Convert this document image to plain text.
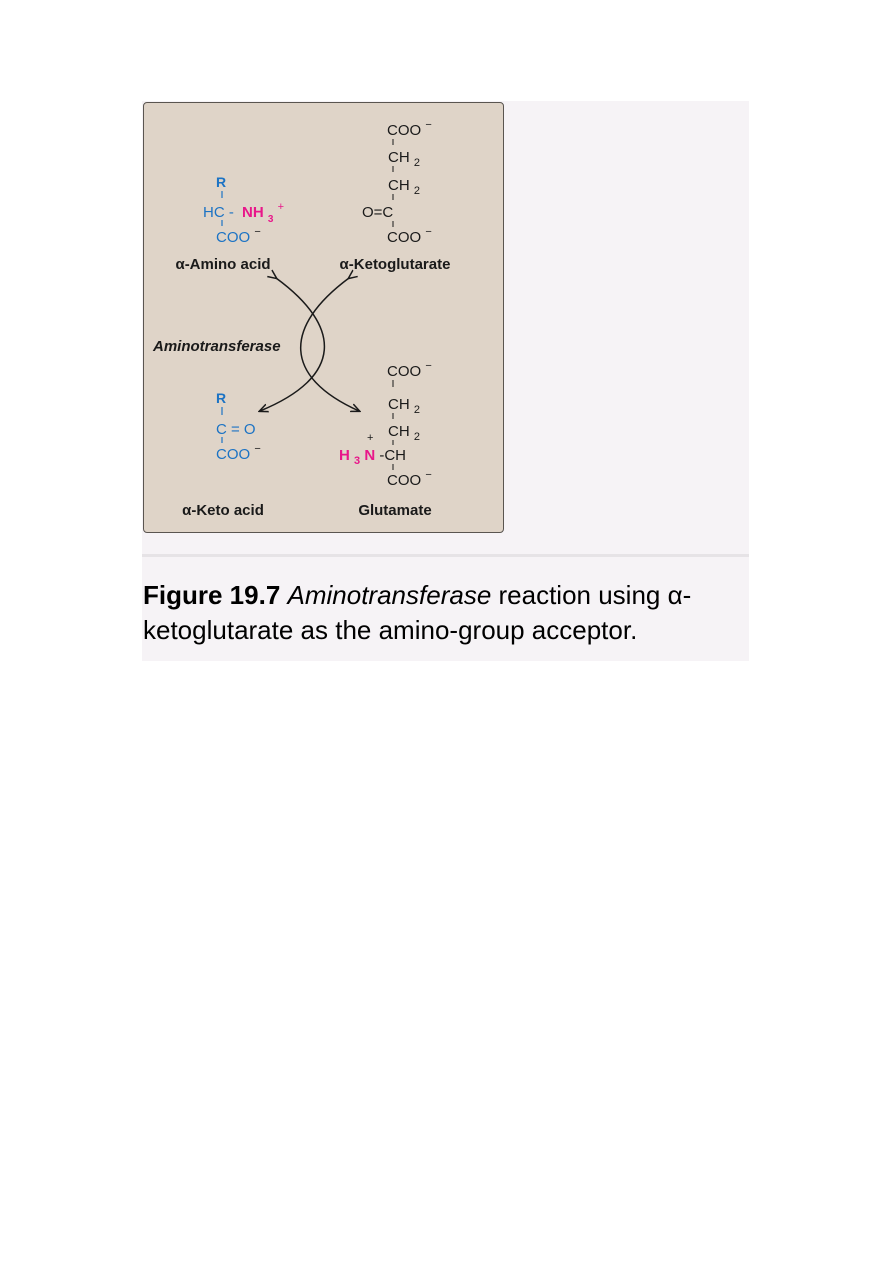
R
HC - NH $_3$ +
COO −
α-Amino acid
COO −
CH $_2$
CH $_2$
O=C
COO −
α-Ketoglutarate
Aminotransferase
R
C = O
COO −
α-Keto acid
COO −
CH $_2$
CH $_2$
+
H $_3$ N -CH
COO −
Glutamate
Figure 19.7 Aminotransferase reaction using α-
ketoglutarate as the amino-group acceptor.
